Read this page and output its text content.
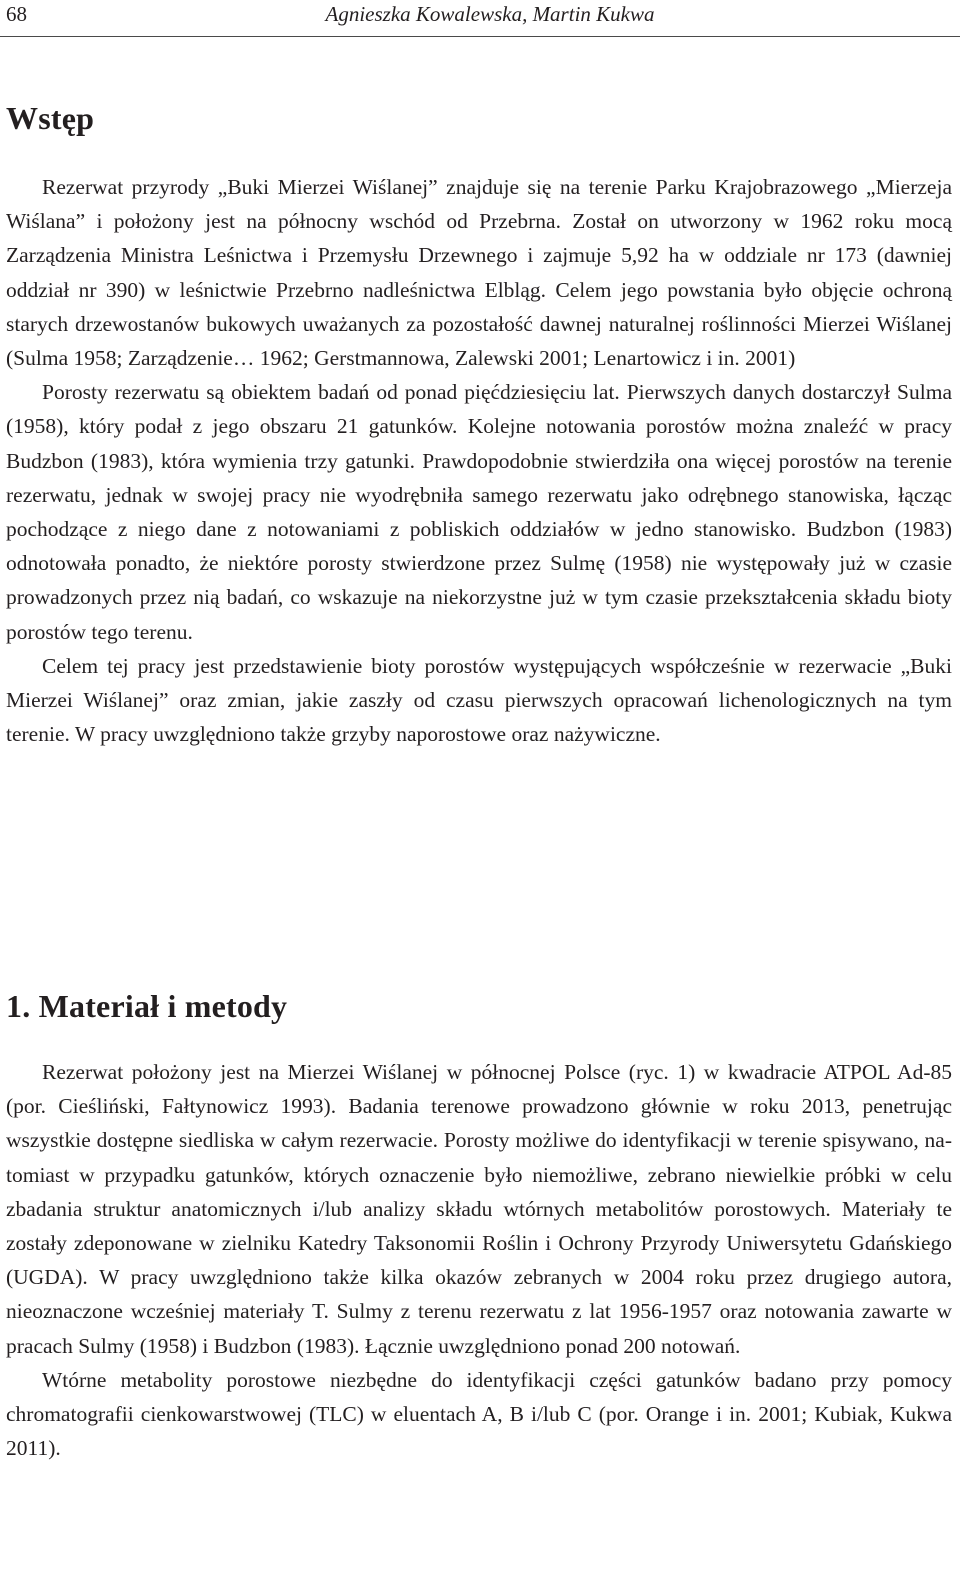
68	Agnieszka Kowalewska, Martin Kukwa
Wstęp

Rezerwat przyrody „Buki Mierzei Wiślanej” znajduje się na terenie Parku Krajobrazowego „Mierzeja Wiślana” i położony jest na północny wschód od Przebrna. Został on utworzony w 1962 roku mocą Zarządzenia Ministra Leśnictwa i Przemysłu Drzewnego i zajmuje 5,92 ha w oddziale nr 173 (dawniej oddział nr 390) w leśnictwie Przebrno nadleśnictwa Elbląg. Celem jego powstania było objęcie ochroną starych drzewostanów bukowych uważanych za pozostałość dawnej naturalnej roślinności Mierzei Wiślanej (Sulma 1958; Zarządzenie… 1962; Gerstmannowa, Zalewski 2001; Lenartowicz i in. 2001)

Porosty rezerwatu są obiektem badań od ponad pięćdziesięciu lat. Pierwszych danych dostarczył Sulma (1958), który podał z jego obszaru 21 gatunków. Kolejne notowania porostów można znaleźć w pracy Budzbon (1983), która wymienia trzy gatunki. Prawdopodobnie stwierdziła ona więcej porostów na terenie rezerwatu, jednak w swojej pracy nie wyodrębniła samego rezerwatu jako odrębnego stanowiska, łącząc pochodzące z niego dane z notowaniami z pobliskich oddziałów w jedno stanowisko. Budzbon (1983) odnotowała ponadto, że niektóre porosty stwierdzone przez Sulmę (1958) nie występowały już w czasie prowadzonych przez nią badań, co wskazuje na niekorzystne już w tym czasie przekształcenia składu bioty porostów tego terenu.

Celem tej pracy jest przedstawienie bioty porostów występujących współcześnie w rezerwacie „Buki Mierzei Wiślanej” oraz zmian, jakie zaszły od czasu pierwszych opracowań lichenologicznych na tym terenie. W pracy uwzględniono także grzyby naporostowe oraz nażywiczne.

1. Materiał i metody

Rezerwat położony jest na Mierzei Wiślanej w północnej Polsce (ryc. 1) w kwadracie ATPOL Ad-85 (por. Cieśliński, Fałtynowicz 1993). Badania terenowe prowadzono głównie w roku 2013, penetrując wszystkie dostępne siedliska w całym rezerwacie. Porosty możliwe do identyfikacji w terenie spisywano, natomiast w przypadku gatunków, których oznaczenie było niemożliwe, zebrano niewielkie próbki w celu zbadania struktur anatomicznych i/lub analizy składu wtórnych metabolitów porostowych. Materiały te zostały zdeponowane w zielniku Katedry Taksonomii Roślin i Ochrony Przyrody Uniwersytetu Gdańskiego (UGDA). W pracy uwzględniono także kilka okazów zebranych w 2004 roku przez drugiego autora, nieoznaczone wcześniej materiały T. Sulmy z terenu rezerwatu z lat 1956-1957 oraz notowania zawarte w pracach Sulmy (1958) i Budzbon (1983). Łącznie uwzględniono ponad 200 notowań.

Wtórne metabolity porostowe niezbędne do identyfikacji części gatunków badano przy pomocy chromatografii cienkowarstwowej (TLC) w eluentach A, B i/lub C (por. Orange i in. 2001; Kubiak, Kukwa 2011).
